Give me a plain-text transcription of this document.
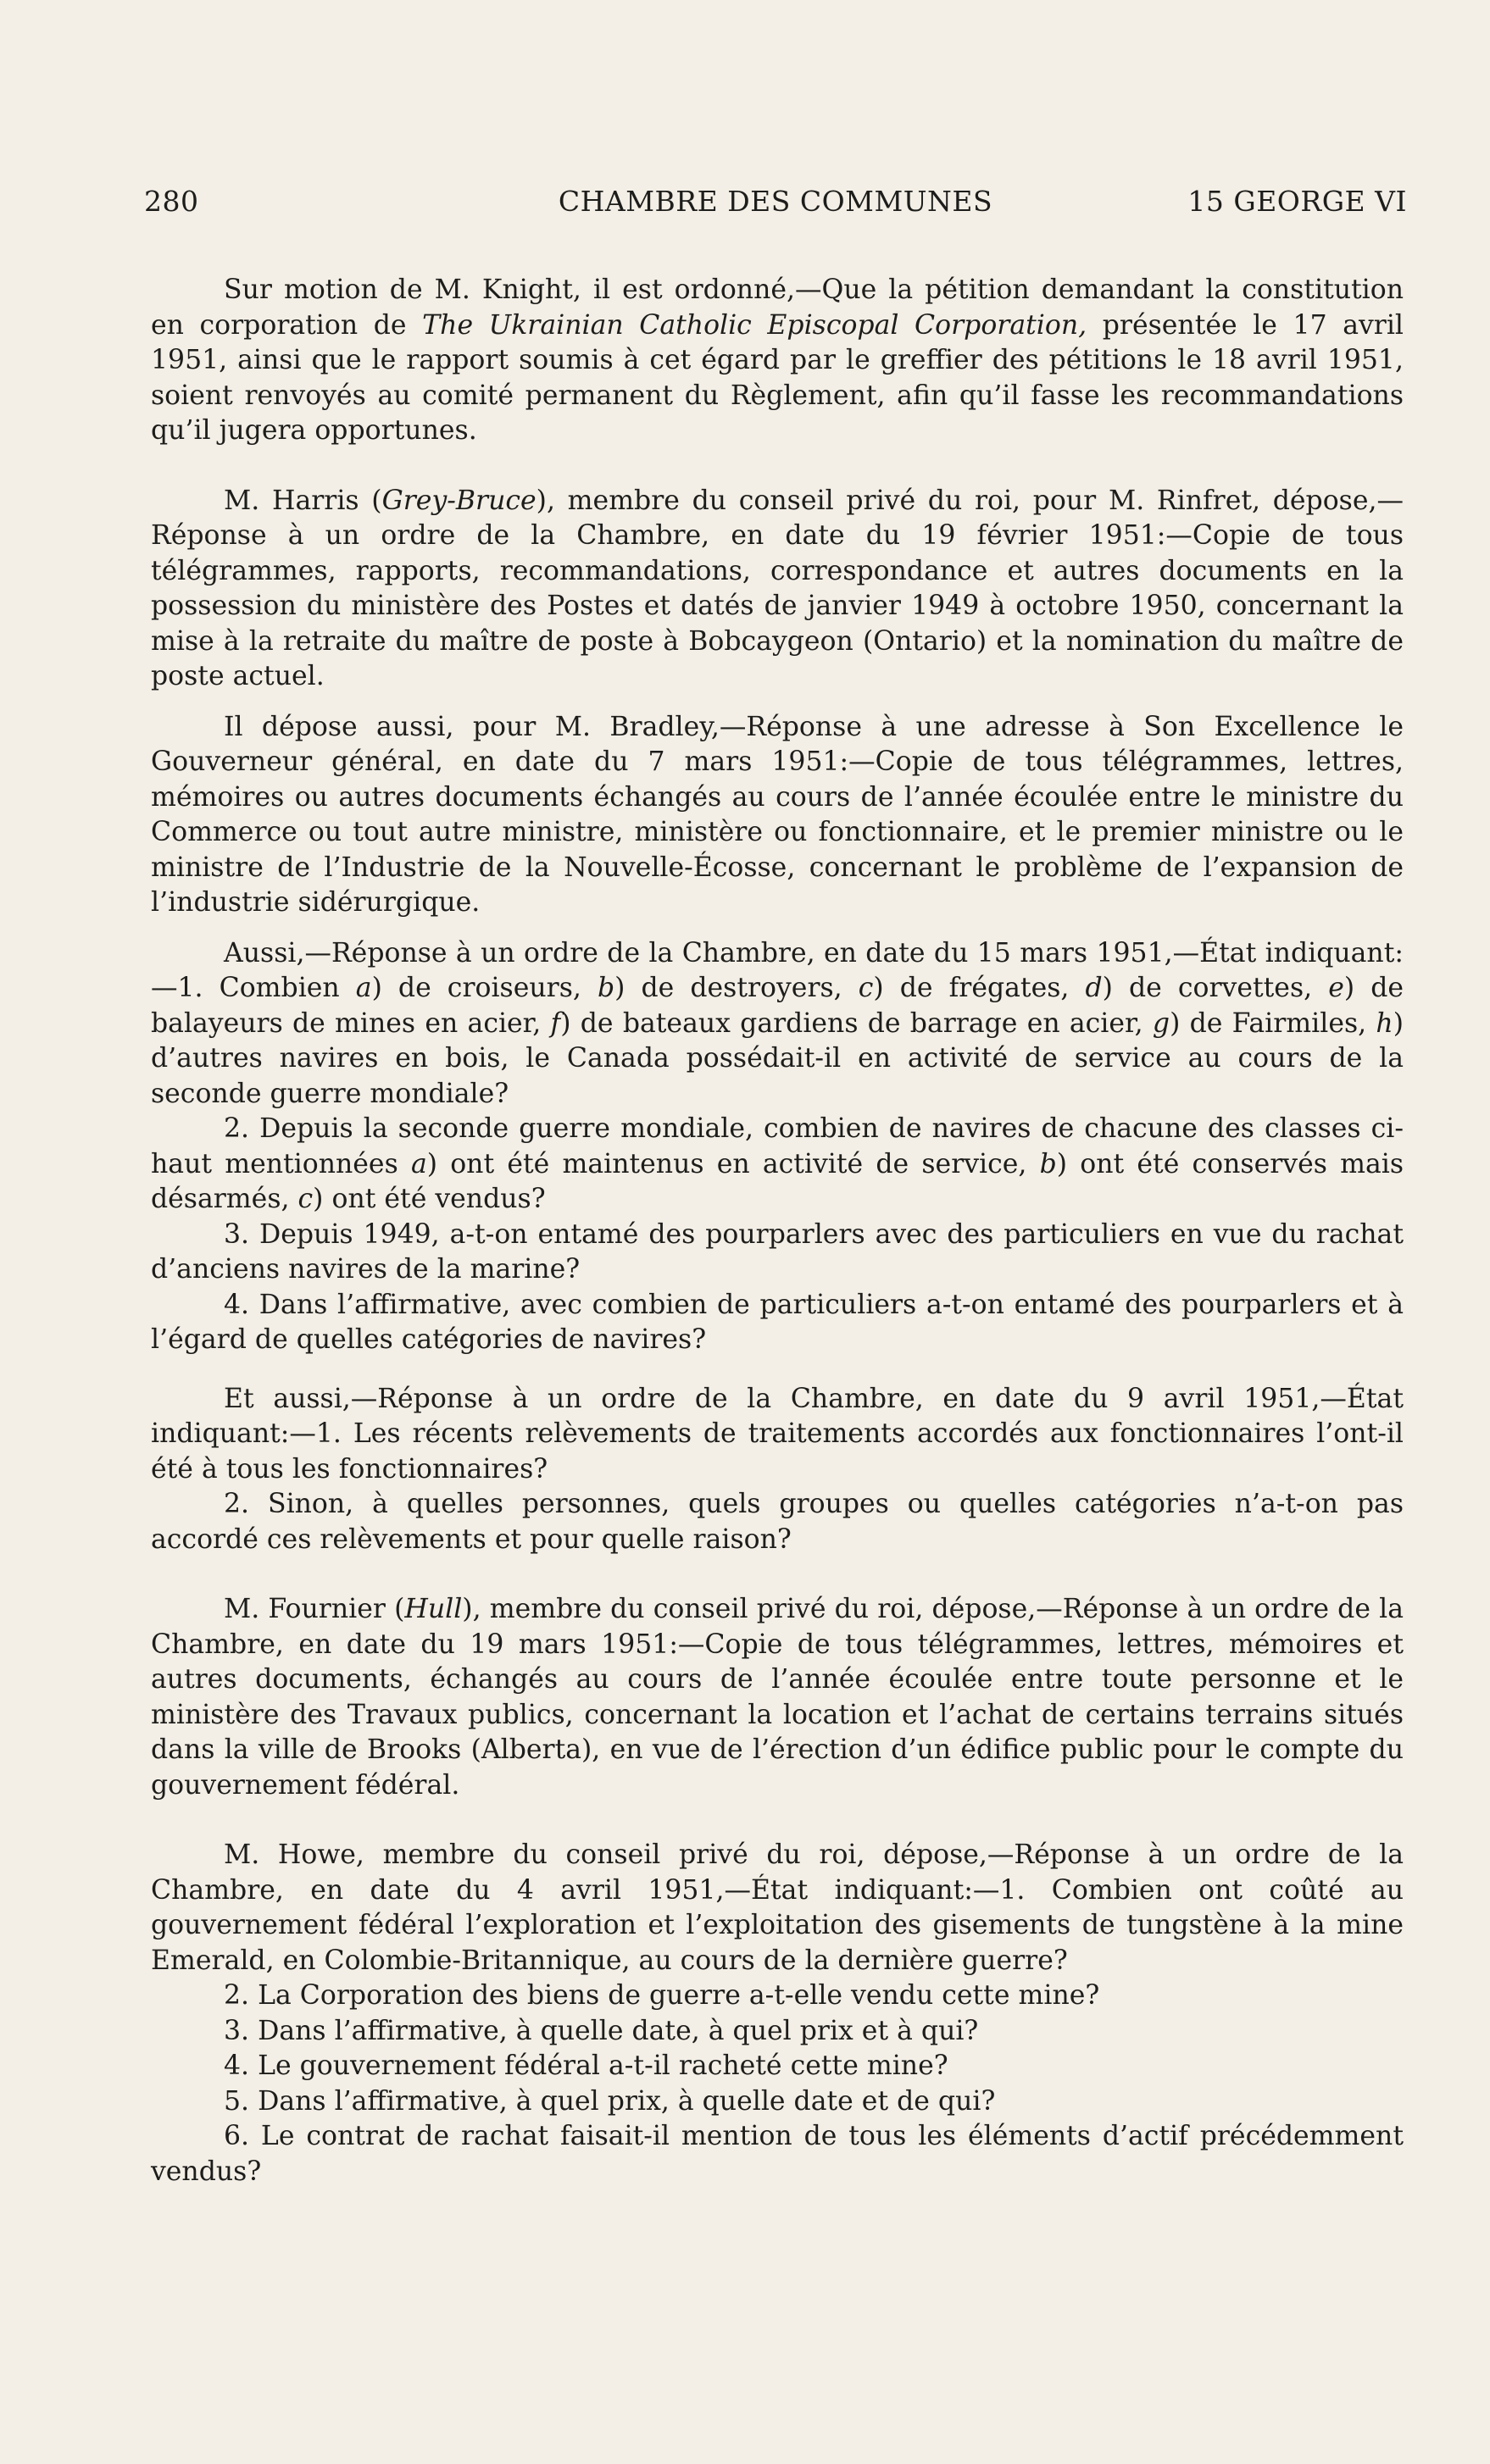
280	CHAMBRE DES COMMUNES	15 GEORGE VI

Sur motion de M. Knight, il est ordonné,—Que la pétition demandant la constitution en corporation de The Ukrainian Catholic Episcopal Corporation, présentée le 17 avril 1951, ainsi que le rapport soumis à cet égard par le greffier des pétitions le 18 avril 1951, soient renvoyés au comité permanent du Règlement, afin qu’il fasse les recommandations qu’il jugera opportunes.

M. Harris (Grey-Bruce), membre du conseil privé du roi, pour M. Rinfret, dépose,—Réponse à un ordre de la Chambre, en date du 19 février 1951:—Copie de tous télégrammes, rapports, recommandations, correspondance et autres documents en la possession du ministère des Postes et datés de janvier 1949 à octobre 1950, concernant la mise à la retraite du maître de poste à Bobcaygeon (Ontario) et la nomination du maître de poste actuel.

Il dépose aussi, pour M. Bradley,—Réponse à une adresse à Son Excellence le Gouverneur général, en date du 7 mars 1951:—Copie de tous télégrammes, lettres, mémoires ou autres documents échangés au cours de l’année écoulée entre le ministre du Commerce ou tout autre ministre, ministère ou fonctionnaire, et le premier ministre ou le ministre de l’Industrie de la Nouvelle-Écosse, concernant le problème de l’expansion de l’industrie sidérurgique.

Aussi,—Réponse à un ordre de la Chambre, en date du 15 mars 1951,—État indiquant:—1. Combien a) de croiseurs, b) de destroyers, c) de frégates, d) de corvettes, e) de balayeurs de mines en acier, f) de bateaux gardiens de barrage en acier, g) de Fairmiles, h) d’autres navires en bois, le Canada possédait-il en activité de service au cours de la seconde guerre mondiale?

2. Depuis la seconde guerre mondiale, combien de navires de chacune des classes ci-haut mentionnées a) ont été maintenus en activité de service, b) ont été conservés mais désarmés, c) ont été vendus?

3. Depuis 1949, a-t-on entamé des pourparlers avec des particuliers en vue du rachat d’anciens navires de la marine?

4. Dans l’affirmative, avec combien de particuliers a-t-on entamé des pourparlers et à l’égard de quelles catégories de navires?

Et aussi,—Réponse à un ordre de la Chambre, en date du 9 avril 1951,—État indiquant:—1. Les récents relèvements de traitements accordés aux fonctionnaires l’ont-il été à tous les fonctionnaires?

2. Sinon, à quelles personnes, quels groupes ou quelles catégories n’a-t-on pas accordé ces relèvements et pour quelle raison?

M. Fournier (Hull), membre du conseil privé du roi, dépose,—Réponse à un ordre de la Chambre, en date du 19 mars 1951:—Copie de tous télégrammes, lettres, mémoires et autres documents, échangés au cours de l’année écoulée entre toute personne et le ministère des Travaux publics, concernant la location et l’achat de certains terrains situés dans la ville de Brooks (Alberta), en vue de l’érection d’un édifice public pour le compte du gouvernement fédéral.

M. Howe, membre du conseil privé du roi, dépose,—Réponse à un ordre de la Chambre, en date du 4 avril 1951,—État indiquant:—1. Combien ont coûté au gouvernement fédéral l’exploration et l’exploitation des gisements de tungstène à la mine Emerald, en Colombie-Britannique, au cours de la dernière guerre?

2. La Corporation des biens de guerre a-t-elle vendu cette mine?

3. Dans l’affirmative, à quelle date, à quel prix et à qui?

4. Le gouvernement fédéral a-t-il racheté cette mine?

5. Dans l’affirmative, à quel prix, à quelle date et de qui?

6. Le contrat de rachat faisait-il mention de tous les éléments d’actif précédemment vendus?
